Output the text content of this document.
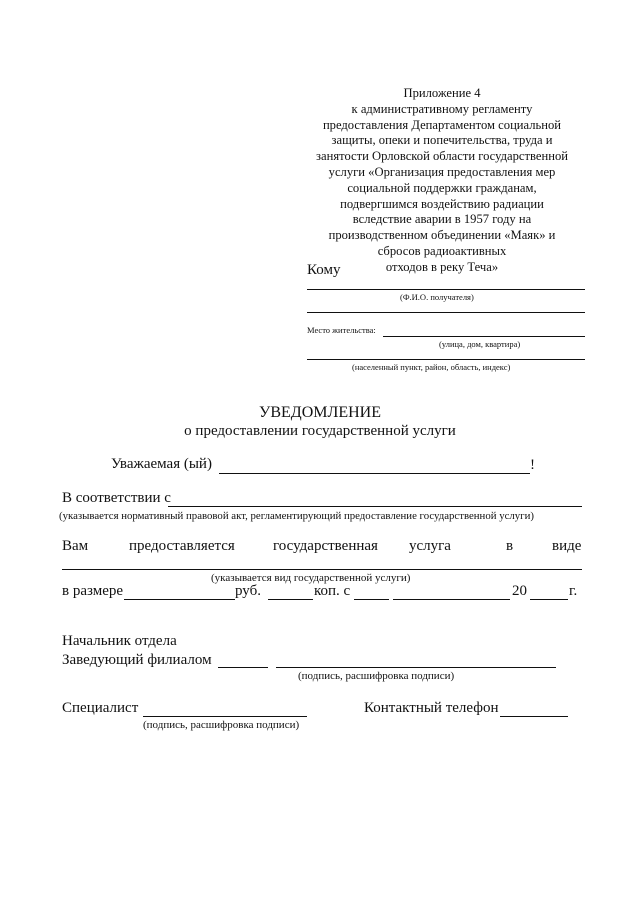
Приложение 4
к административному регламенту
предоставления Департаментом социальной
защиты, опеки и попечительства, труда и
занятости Орловской области государственной
услуги «Организация предоставления мер
социальной поддержки гражданам,
подвергшимся воздействию радиации
вследствие аварии в 1957 году на
производственном объединении «Маяк» и
сбросов радиоактивных
отходов в реку Теча»
Кому
(Ф.И.О. получателя)
Место жительства:
(улица, дом, квартира)
(населенный пункт, район, область, индекс)
УВЕДОМЛЕНИЕ
о предоставлении государственной услуги
Уважаемая (ый)	!
В соответствии с
(указывается нормативный правовой акт, регламентирующий предоставление государственной услуги)
Вам	предоставляется	государственная услуга	в	виде
(указывается вид государственной услуги)
в размере	руб.	коп. с	20	г.
Начальник отдела
Заведующий филиалом
(подпись, расшифровка подписи)
Специалист
(подпись, расшифровка подписи)
Контактный телефон
